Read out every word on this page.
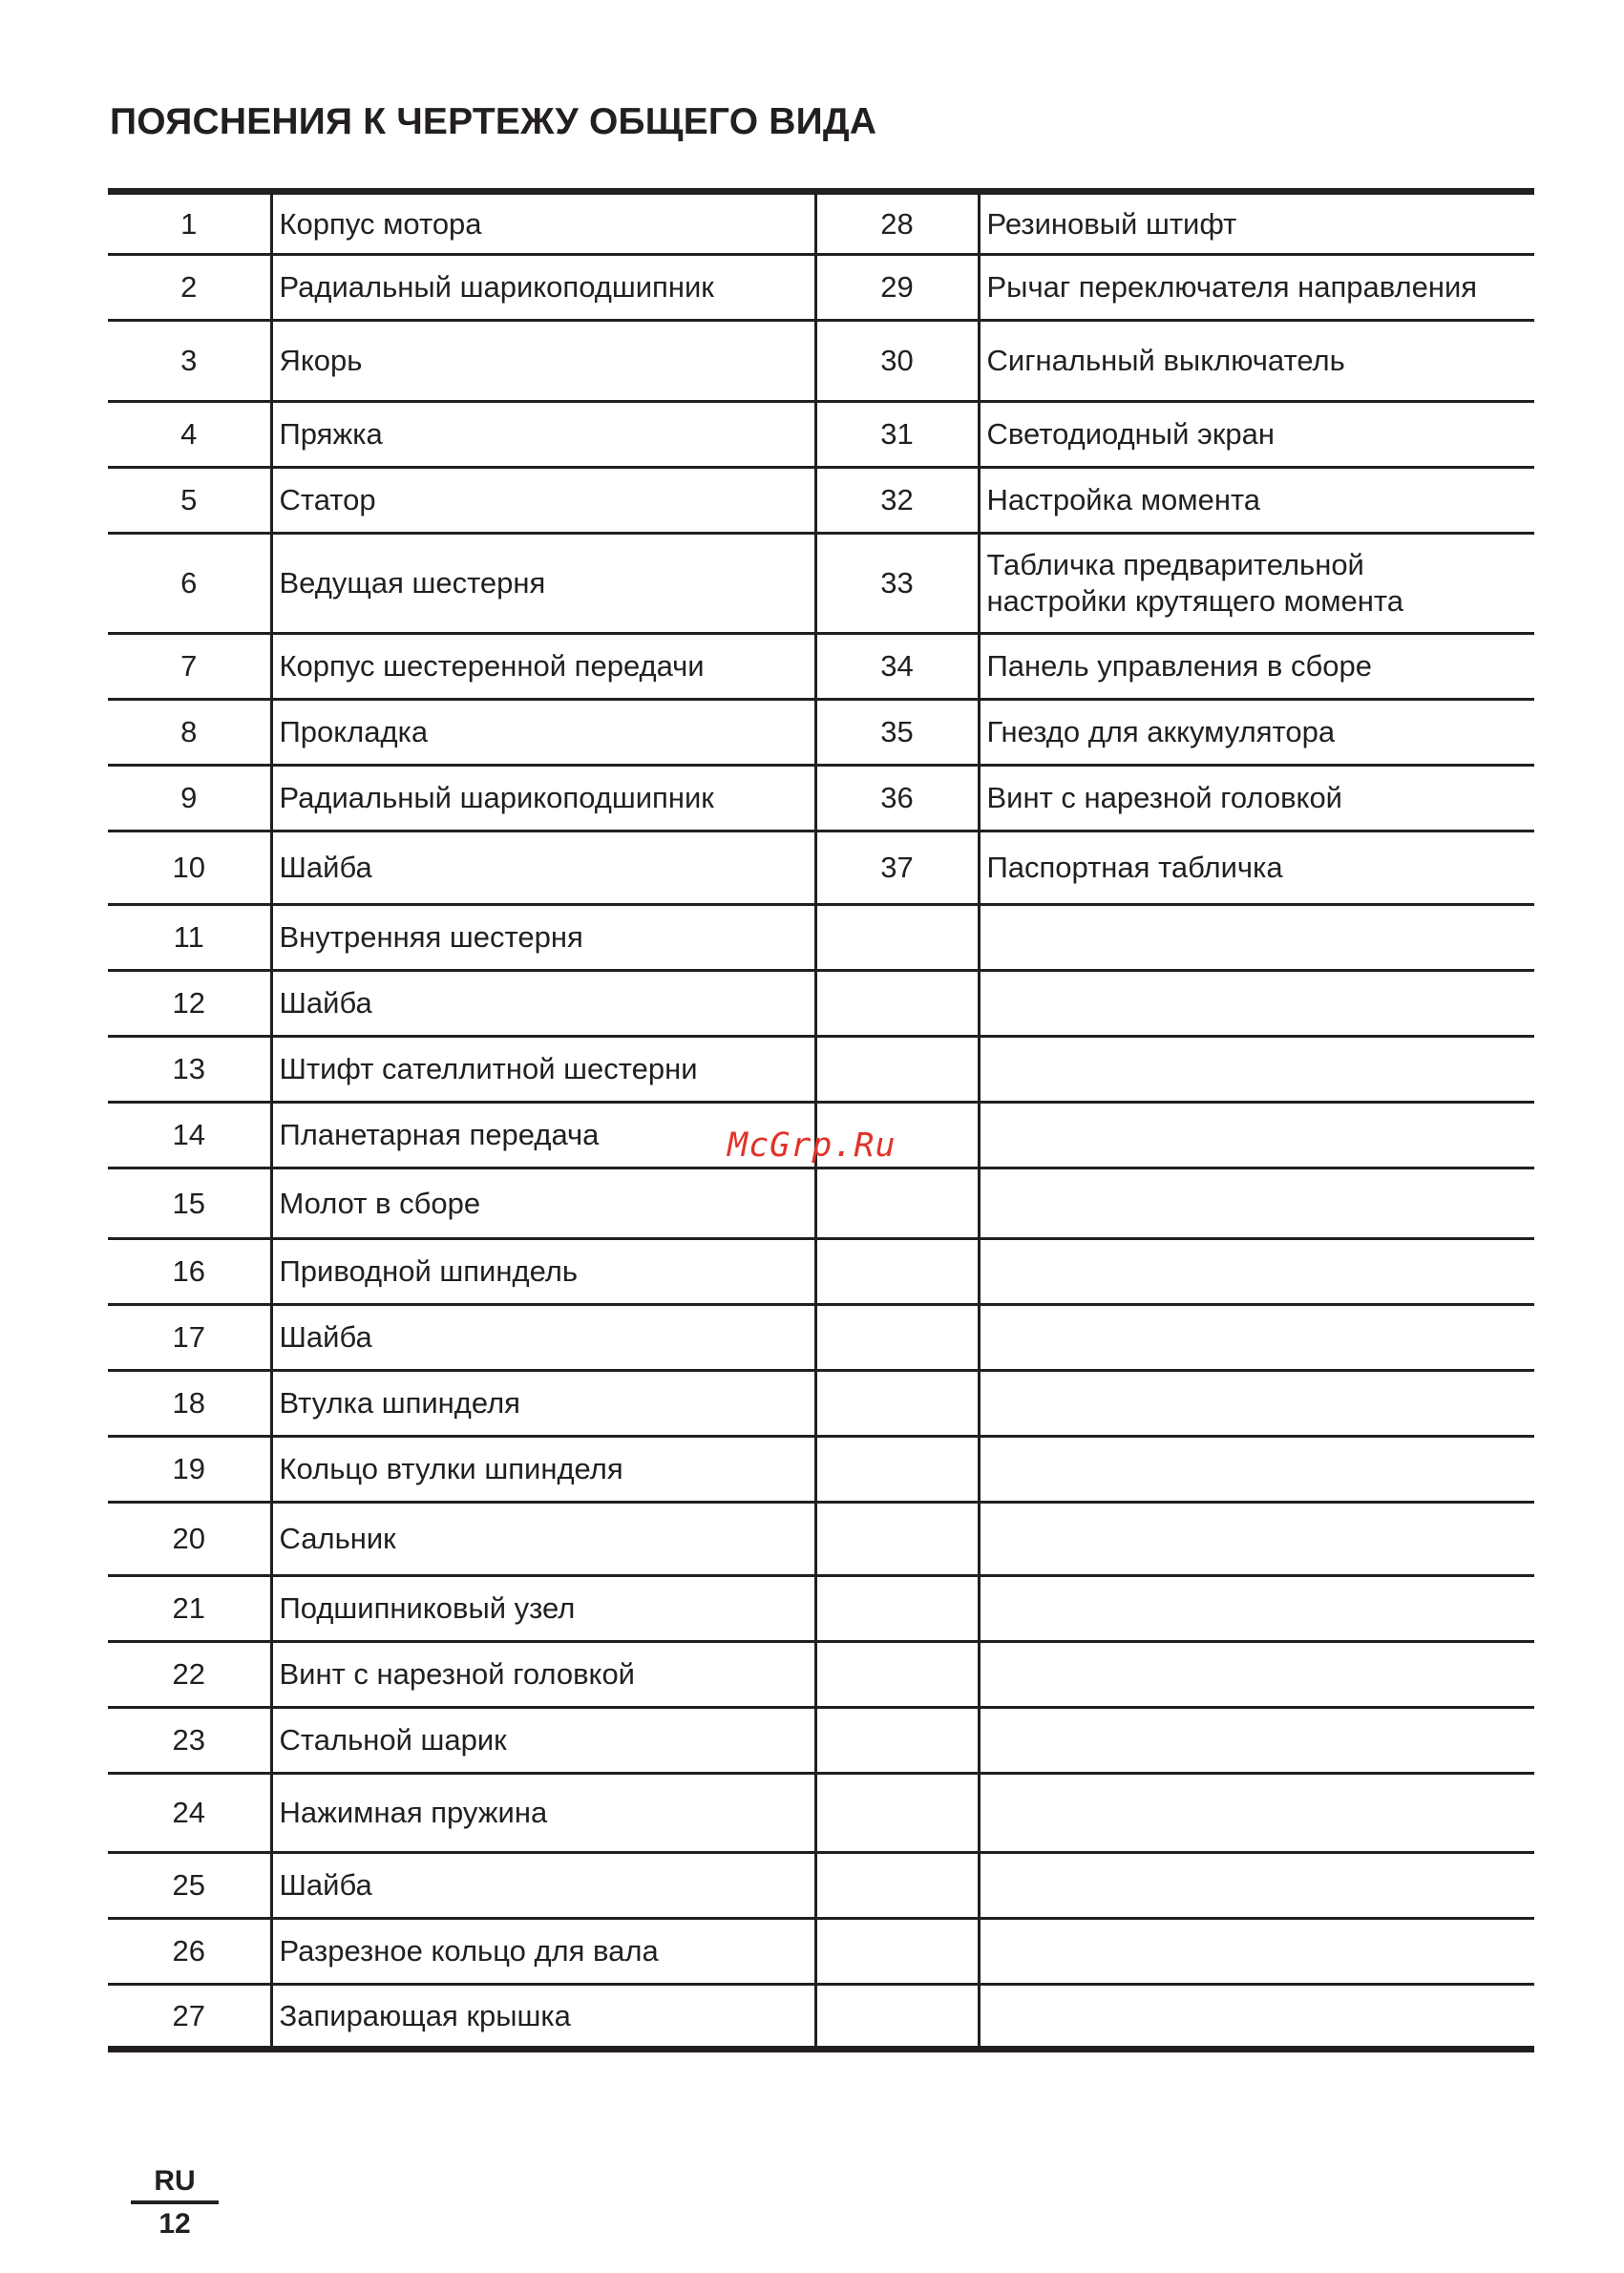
ПОЯСНЕНИЯ К ЧЕРТЕЖУ ОБЩЕГО ВИДА
1	Корпус мотора	28	Резиновый штифт

2	Радиальный шарикоподшипник	29	Рычаг переключателя направления

3	Якорь	30	Сигнальный выключатель

4	Пряжка	31	Светодиодный экран

5	Статор	32	Настройка момента

6	Ведущая шестерня	33	Табличка предварительной
настройки крутящего момента

7	Корпус шестеренной передачи	34	Панель управления в сборе

8	Прокладка	35	Гнездо для аккумулятора

9	Радиальный шарикоподшипник	36	Винт с нарезной головкой

10	Шайба	37	Паспортная табличка

11	Внутренняя шестерня		

12	Шайба		

13	Штифт сателлитной шестерни		

14	Планетарная передача		

15	Молот в сборе		

16	Приводной шпиндель		

17	Шайба		

18	Втулка шпинделя		

19	Кольцо втулки шпинделя		

20	Сальник		

21	Подшипниковый узел		

22	Винт с нарезной головкой		

23	Стальной шарик		

24	Нажимная пружина		

25	Шайба		

26	Разрезное кольцо для вала		

27	Запирающая крышка		
McGrp.Ru
RU
12
